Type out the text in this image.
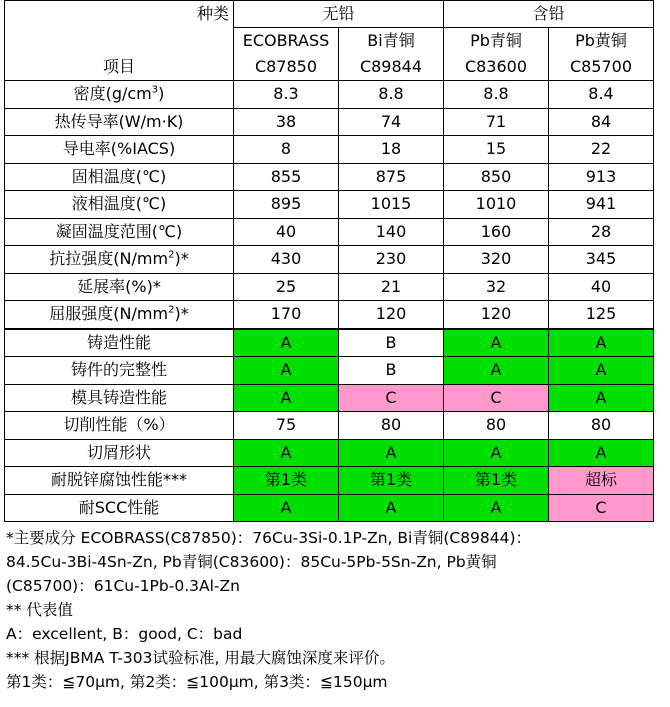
种类	无铅		含铅	
	ECOBRASS	Bi青铜	Pb青铜	Pb黄铜
项目	C87850	C89844	C83600	C85700
密度$(g/cm^3)$	8.3	8.8	8.8	8.4
热传导率(W/m·K)	38	74	71	84
导电率(%IACS)	8	18	15	22
固相温度(℃)	855	875	850	913
液相温度(℃)	895	1015	1010	941
凝固温度范围(℃)	40	140	160	28
抗拉强度$(N/mm^2)*$	430	230	320	345
延展率(%)*	25	21	32	40
屈服强度$(N/mm^2)*$	170	120	120	125
铸造性能	A	B	A	A
铸件的完整性	A	B	A	A
模具铸造性能	A	C	C	A
切削性能（%）	75	80	80	80
切屑形状	A	A	A	A
耐脱锌腐蚀性能***	第1类	第1类	第1类	超标
耐SCC性能	A	A	A	C
*主要成分 ECOBRASS(C87850)：76Cu-3Si-0.1P-Zn, Bi青铜(C89844)：
84.5Cu-3Bi-4Sn-Zn, Pb青铜(C83600)：85Cu-5Pb-5Sn-Zn, Pb黄铜
(C85700)：61Cu-1Pb-0.3Al-Zn
** 代表值
A：excellent, B：good, C：bad
*** 根据JBMA T-303试验标准, 用最大腐蚀深度来评价。
第1类：≦70μm, 第2类：≦100μm, 第3类：≦150μm
